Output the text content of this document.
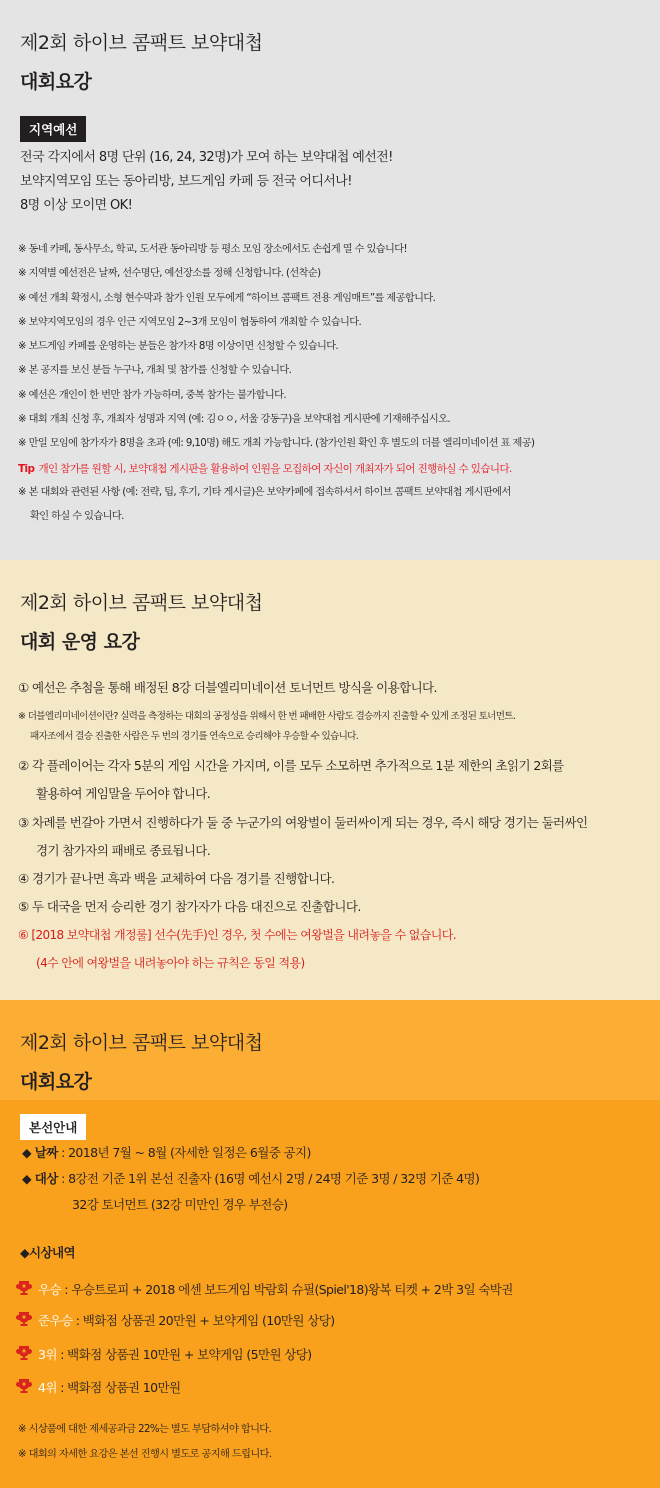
제2회 하이브 콤팩트 보약대첩
대회요강
지역예선
전국 각지에서 8명 단위 (16, 24, 32명)가 모여 하는 보약대첩 예선전!
보약지역모임 또는 동아리방, 보드게임 카페 등 전국 어디서나!
8명 이상 모이면 OK!
※ 동네 카페, 동사무소, 학교, 도서관 동아리방 등 평소 모임 장소에서도 손쉽게 열 수 있습니다!
※ 지역별 예선전은 날짜, 선수명단, 예선장소를 정해 신청합니다. (선착순)
※ 예선 개최 확정시, 소형 현수막과 참가 인원 모두에게 “하이브 콤팩트 전용 게임매트”를 제공합니다.
※ 보약지역모임의 경우 인근 지역모임 2~3개 모임이 협동하여 개최할 수 있습니다.
※ 보드게임 카페를 운영하는 분들은 참가자 8명 이상이면 신청할 수 있습니다.
※ 본 공지를 보신 분들 누구나, 개최 및 참가를 신청할 수 있습니다.
※ 예선은 개인이 한 번만 참가 가능하며, 중복 참가는 불가합니다.
※ 대회 개최 신청 후, 개최자 성명과 지역 (예: 김ㅇㅇ, 서울 강동구)을 보약대첩 게시판에 기재해주십시오.
※ 만일 모임에 참가자가 8명을 초과 (예: 9,10명) 해도 개최 가능합니다. (참가인원 확인 후 별도의 더블 엘리미네이션 표 제공)
Tip 개인 참가를 원할 시, 보약대첩 게시판을 활용하여 인원을 모집하여 자신이 개최자가 되어 진행하실 수 있습니다.
※ 본 대회와 관련된 사항 (예: 전략, 팁, 후기, 기타 게시글)은 보약카페에 접속하셔서 하이브 콤팩트 보약대첩 게시판에서
확인 하실 수 있습니다.
제2회 하이브 콤팩트 보약대첩
대회 운영 요강
① 예선은 추첨을 통해 배정된 8강 더블엘리미네이션 토너먼트 방식을 이용합니다.
※ 더블엘리미네이션이란? 실력을 측정하는 대회의 공정성을 위해서 한 번 패배한 사람도 결승까지 진출할 수 있게 조정된 토너먼트.
패자조에서 결승 진출한 사람은 두 번의 경기를 연속으로 승리해야 우승할 수 있습니다.
② 각 플레이어는 각자 5분의 게임 시간을 가지며, 이를 모두 소모하면 추가적으로 1분 제한의 초읽기 2회를
활용하여 게임말을 두어야 합니다.
③ 차례를 번갈아 가면서 진행하다가 둘 중 누군가의 여왕벌이 둘러싸이게 되는 경우, 즉시 해당 경기는 둘러싸인
경기 참가자의 패배로 종료됩니다.
④ 경기가 끝나면 흑과 백을 교체하여 다음 경기를 진행합니다.
⑤ 두 대국을 먼저 승리한 경기 참가자가 다음 대진으로 진출합니다.
⑥ [2018 보약대첩 개정룰] 선수(先手)인 경우, 첫 수에는 여왕벌을 내려놓을 수 없습니다.
(4수 안에 여왕벌을 내려놓아야 하는 규칙은 동일 적용)
제2회 하이브 콤팩트 보약대첩
대회요강
본선안내
◆ 날짜 : 2018년 7월 ~ 8월 (자세한 일정은 6월중 공지)
◆ 대상 : 8강전 기준 1위 본선 진출자 (16명 예선시 2명 / 24명 기준 3명 / 32명 기준 4명)
32강 토너먼트 (32강 미만인 경우 부전승)
◆시상내역
우승 : 우승트로피 + 2018 에센 보드게임 박람회 슈필(Spiel'18)왕복 티켓 + 2박 3일 숙박권
준우승 : 백화점 상품권 20만원 + 보약게임 (10만원 상당)
3위 : 백화점 상품권 10만원 + 보약게임 (5만원 상당)
4위 : 백화점 상품권 10만원
※ 시상품에 대한 제세공과금 22%는 별도 부담하셔야 합니다.
※ 대회의 자세한 요강은 본선 진행시 별도로 공지해 드립니다.
